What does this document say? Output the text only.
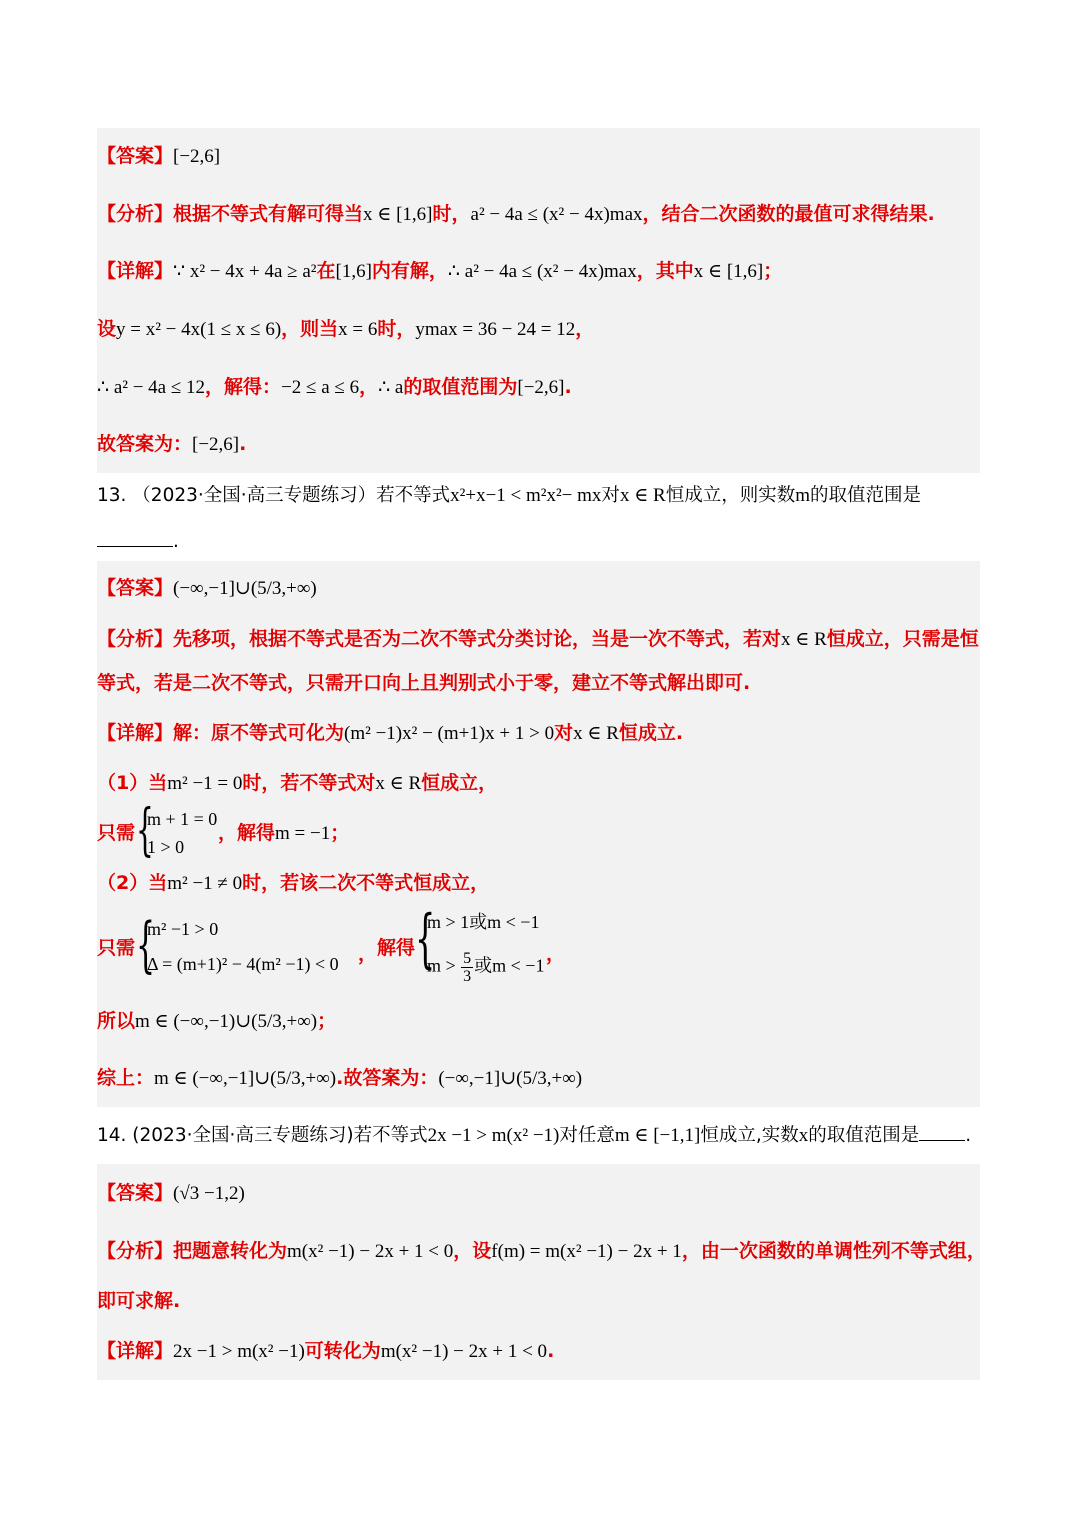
【答案】[−2,6]
【分析】根据不等式有解可得当x ∈ [1,6]时，a² − 4a ≤ (x² − 4x)max，结合二次函数的最值可求得结果.
【详解】∵ x² − 4x + 4a ≥ a²在[1,6]内有解，∴ a² − 4a ≤ (x² − 4x)max，其中x ∈ [1,6]；
设y = x² − 4x(1 ≤ x ≤ 6)，则当x = 6时，ymax = 36 − 24 = 12，
∴ a² − 4a ≤ 12，解得：−2 ≤ a ≤ 6，∴ a的取值范围为[−2,6].
故答案为：[−2,6].
13. （2023·全国·高三专题练习）若不等式x²+x−1 < m²x²− mx对x ∈ R恒成立，则实数m的取值范围是
.
【答案】(−∞,−1]∪(5/3,+∞)
【分析】先移项，根据不等式是否为二次不等式分类讨论，当是一次不等式，若对x ∈ R恒成立，只需是恒
等式，若是二次不等式，只需开口向上且判别式小于零，建立不等式解出即可.
【详解】解：原不等式可化为(m² −1)x² − (m+1)x + 1 > 0对x ∈ R恒成立.
（1）当m² −1 = 0时，若不等式对x ∈ R恒成立，
只需 {
m + 1 = 0
1 > 0
，解得m = −1；
（2）当m² −1 ≠ 0时，若该二次不等式恒成立，
只需 {
m² −1 > 0
Δ = (m+1)² − 4(m² −1) < 0 ， 解得 {
m > 1或m < −1
$m > \frac{5}{3}$ 或m < −1
，
所以m ∈ (−∞,−1)∪(5/3,+∞)；
综上：m ∈ (−∞,−1]∪(5/3,+∞).故答案为：(−∞,−1]∪(5/3,+∞)
14. (2023·全国·高三专题练习)若不等式2x −1 > m(x² −1)对任意m ∈ [−1,1]恒成立,实数x的取值范围是 .
【答案】(√3 −1,2)
【分析】把题意转化为m(x² −1) − 2x + 1 < 0，设f(m) = m(x² −1) − 2x + 1，由一次函数的单调性列不等式组，
即可求解.
【详解】2x −1 > m(x² −1)可转化为m(x² −1) − 2x + 1 < 0.
